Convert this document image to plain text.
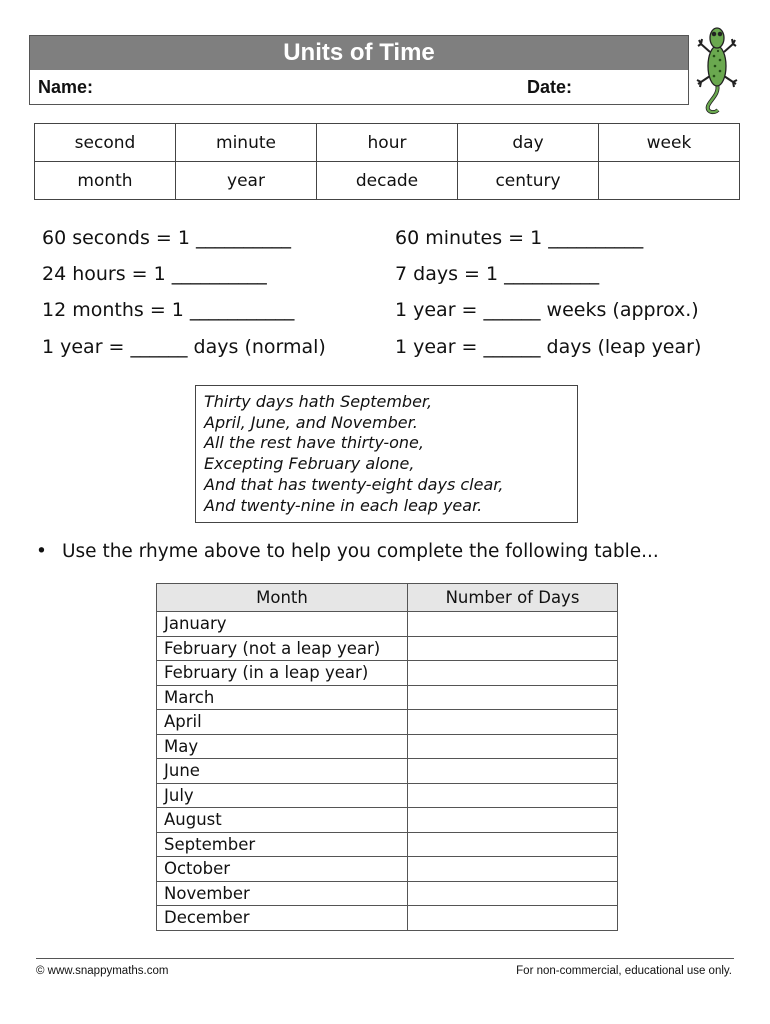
Units of Time
Name:	Date:
second	minute	hour	day	week
month	year	decade	century	
60 seconds = 1 __________
24 hours = 1 __________
12 months = 1 ___________
1 year = ______ days (normal)
60 minutes = 1 __________
7 days = 1 __________
1 year = ______ weeks (approx.)
1 year = ______ days (leap year)
Thirty days hath September,
April, June, and November.
All the rest have thirty-one,
Excepting February alone,
And that has twenty-eight days clear,
And twenty-nine in each leap year.
• Use the rhyme above to help you complete the following table...
Month	Number of Days
January	
February (not a leap year)	
February (in a leap year)	
March	
April	
May	
June	
July	
August	
September	
October	
November	
December	
© www.snappymaths.com	For non-commercial, educational use only.
